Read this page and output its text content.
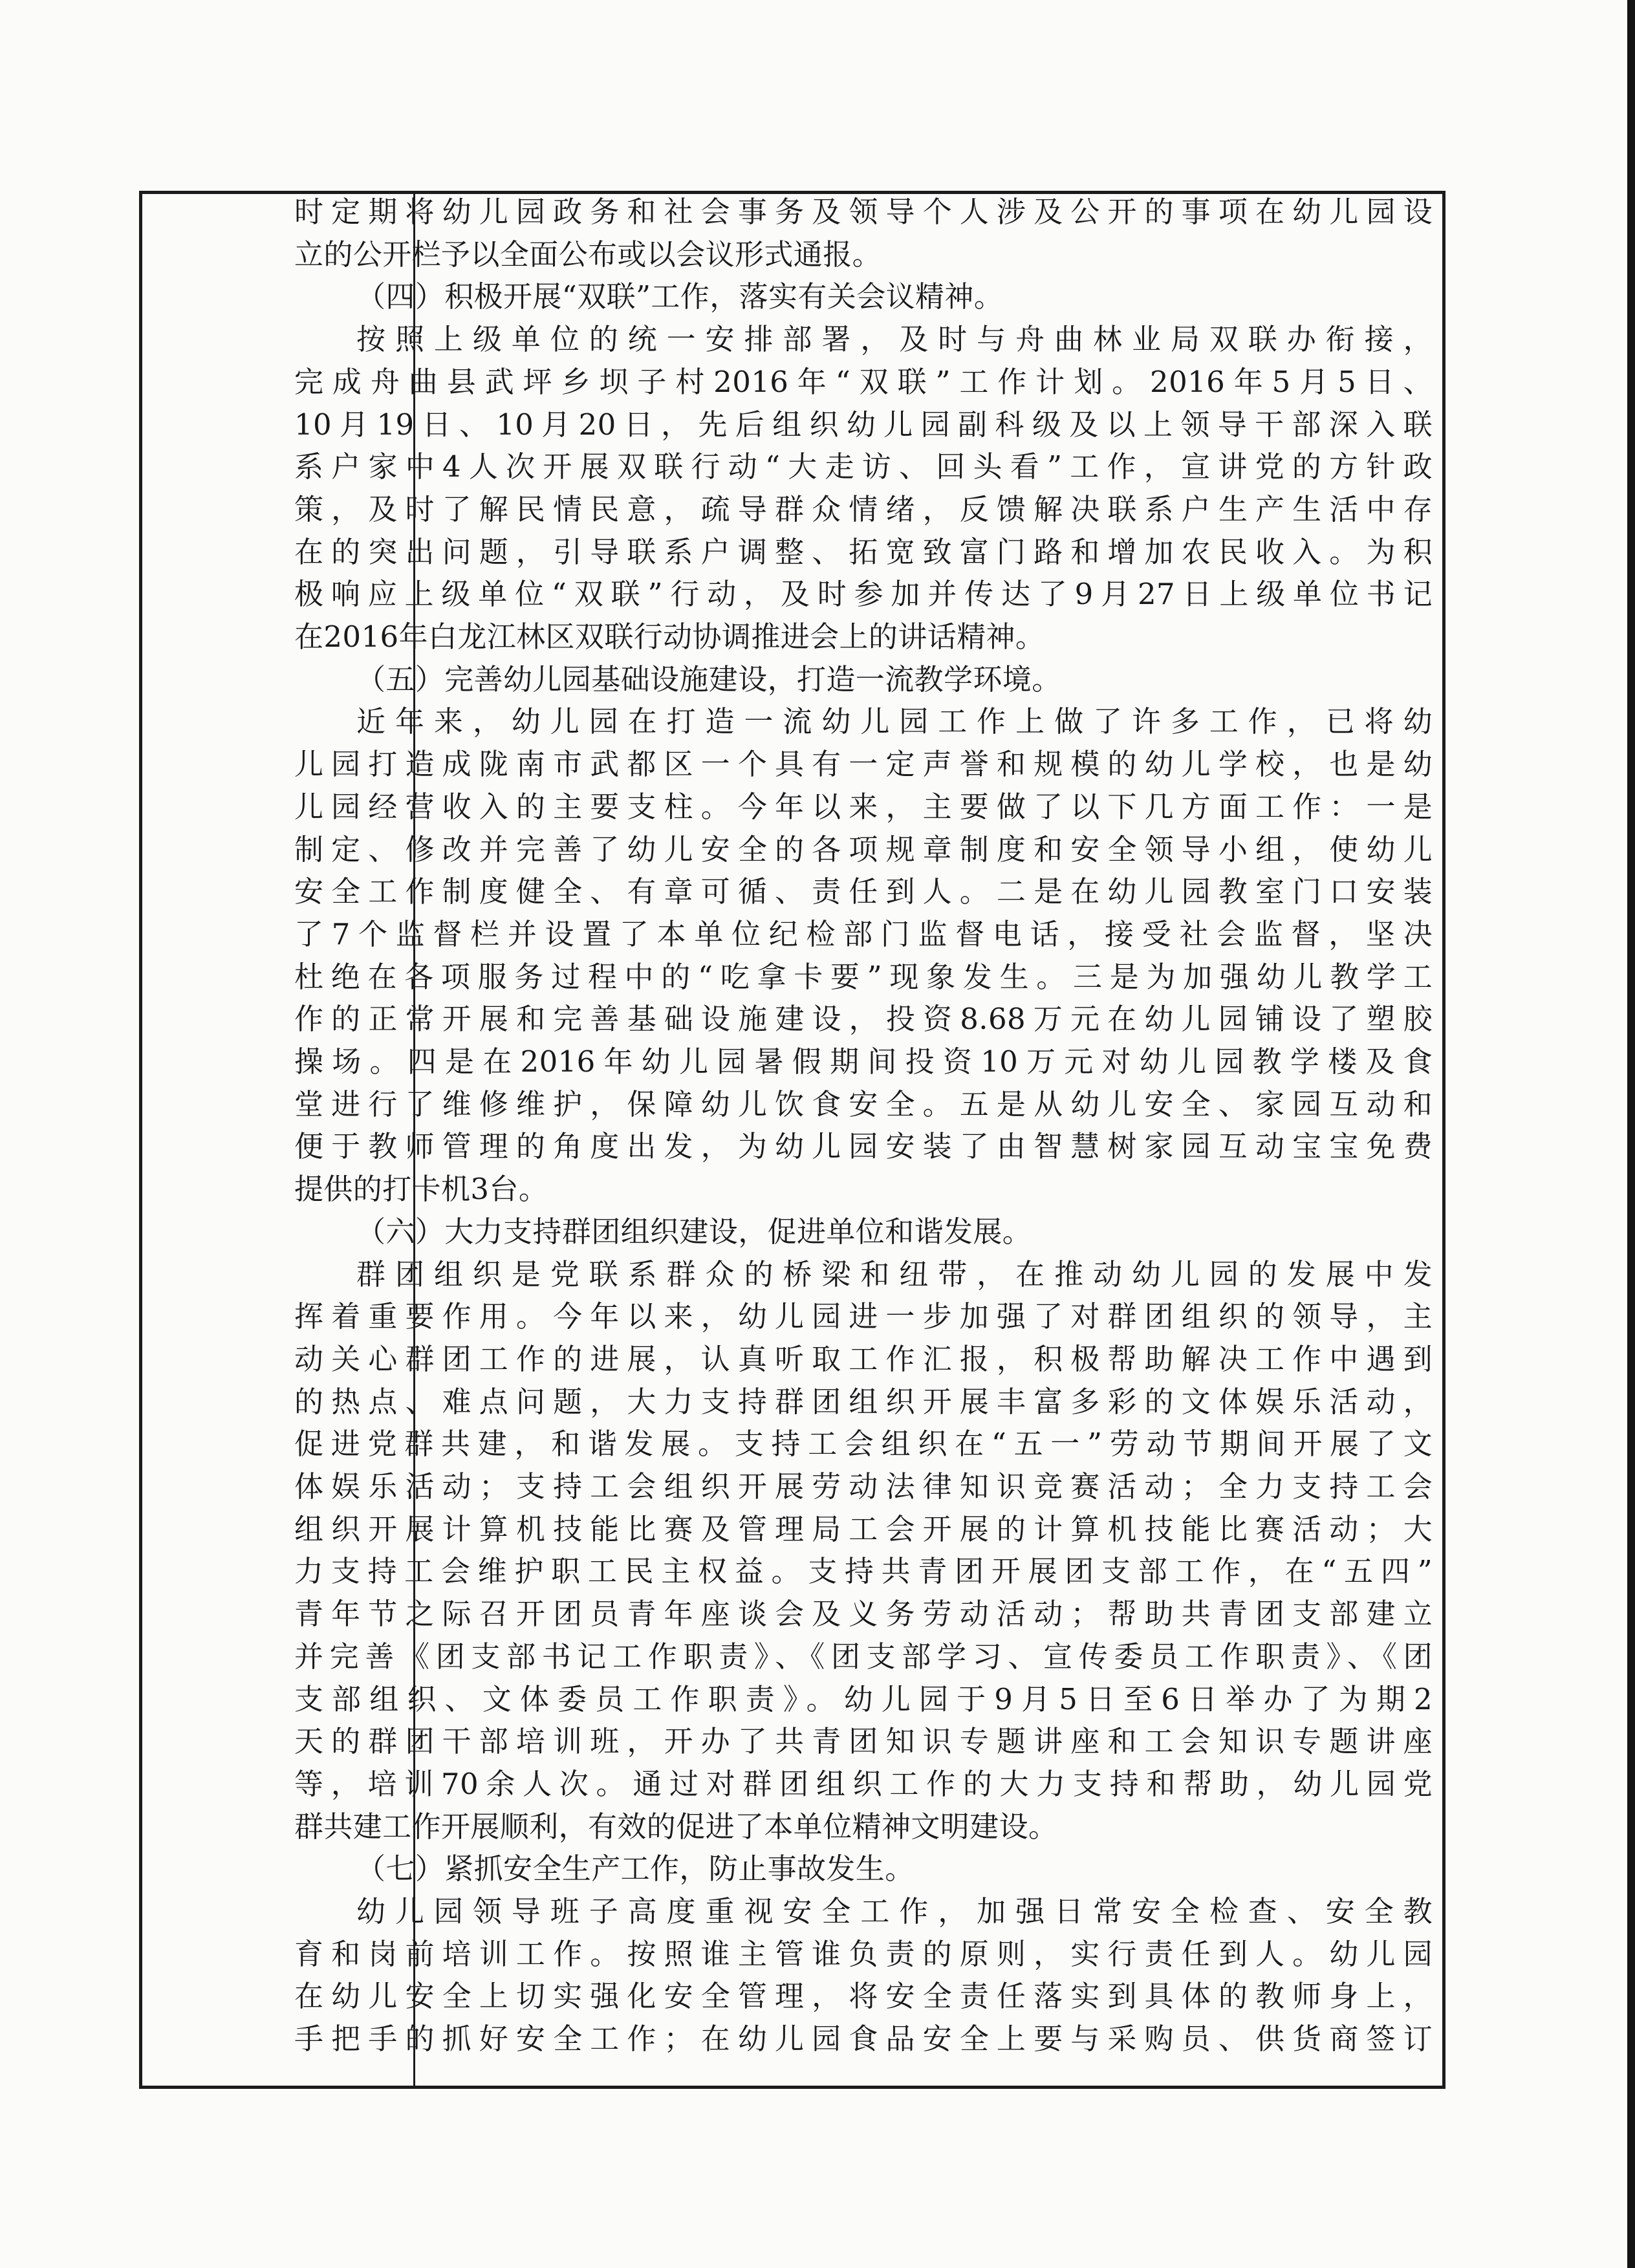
时定期将幼儿园政务和社会事务及领导个人涉及公开的事项在幼儿园设
立的公开栏予以全面公布或以会议形式通报。
（四）积极开展“双联”工作，落实有关会议精神。
按照上级单位的统一安排部署，及时与舟曲林业局双联办衔接，
完成舟曲县武坪乡坝子村2016年“双联”工作计划。2016年5月5日、
10月19日、10月20日，先后组织幼儿园副科级及以上领导干部深入联
系户家中4人次开展双联行动“大走访、回头看”工作，宣讲党的方针政
策，及时了解民情民意，疏导群众情绪，反馈解决联系户生产生活中存
在的突出问题，引导联系户调整、拓宽致富门路和增加农民收入。为积
极响应上级单位“双联”行动，及时参加并传达了9月27日上级单位书记
在2016年白龙江林区双联行动协调推进会上的讲话精神。
（五）完善幼儿园基础设施建设，打造一流教学环境。
近年来，幼儿园在打造一流幼儿园工作上做了许多工作，已将幼
儿园打造成陇南市武都区一个具有一定声誉和规模的幼儿学校，也是幼
儿园经营收入的主要支柱。今年以来，主要做了以下几方面工作：一是
制定、修改并完善了幼儿安全的各项规章制度和安全领导小组，使幼儿
安全工作制度健全、有章可循、责任到人。二是在幼儿园教室门口安装
了7个监督栏并设置了本单位纪检部门监督电话，接受社会监督，坚决
杜绝在各项服务过程中的“吃拿卡要”现象发生。三是为加强幼儿教学工
作的正常开展和完善基础设施建设，投资8.68万元在幼儿园铺设了塑胶
操场。四是在2016年幼儿园暑假期间投资10万元对幼儿园教学楼及食
堂进行了维修维护，保障幼儿饮食安全。五是从幼儿安全、家园互动和
便于教师管理的角度出发，为幼儿园安装了由智慧树家园互动宝宝免费
提供的打卡机3台。
（六）大力支持群团组织建设，促进单位和谐发展。
群团组织是党联系群众的桥梁和纽带，在推动幼儿园的发展中发
挥着重要作用。今年以来，幼儿园进一步加强了对群团组织的领导，主
动关心群团工作的进展，认真听取工作汇报，积极帮助解决工作中遇到
的热点、难点问题，大力支持群团组织开展丰富多彩的文体娱乐活动，
促进党群共建，和谐发展。支持工会组织在“五一”劳动节期间开展了文
体娱乐活动；支持工会组织开展劳动法律知识竞赛活动；全力支持工会
组织开展计算机技能比赛及管理局工会开展的计算机技能比赛活动；大
力支持工会维护职工民主权益。支持共青团开展团支部工作，在“五四”
青年节之际召开团员青年座谈会及义务劳动活动；帮助共青团支部建立
并完善《团支部书记工作职责》、《团支部学习、宣传委员工作职责》、《团
支部组织、文体委员工作职责》。幼儿园于9月5日至6日举办了为期2
天的群团干部培训班，开办了共青团知识专题讲座和工会知识专题讲座
等，培训70余人次。通过对群团组织工作的大力支持和帮助，幼儿园党
群共建工作开展顺利，有效的促进了本单位精神文明建设。
（七）紧抓安全生产工作，防止事故发生。
幼儿园领导班子高度重视安全工作，加强日常安全检查、安全教
育和岗前培训工作。按照谁主管谁负责的原则，实行责任到人。幼儿园
在幼儿安全上切实强化安全管理，将安全责任落实到具体的教师身上，
手把手的抓好安全工作；在幼儿园食品安全上要与采购员、供货商签订
